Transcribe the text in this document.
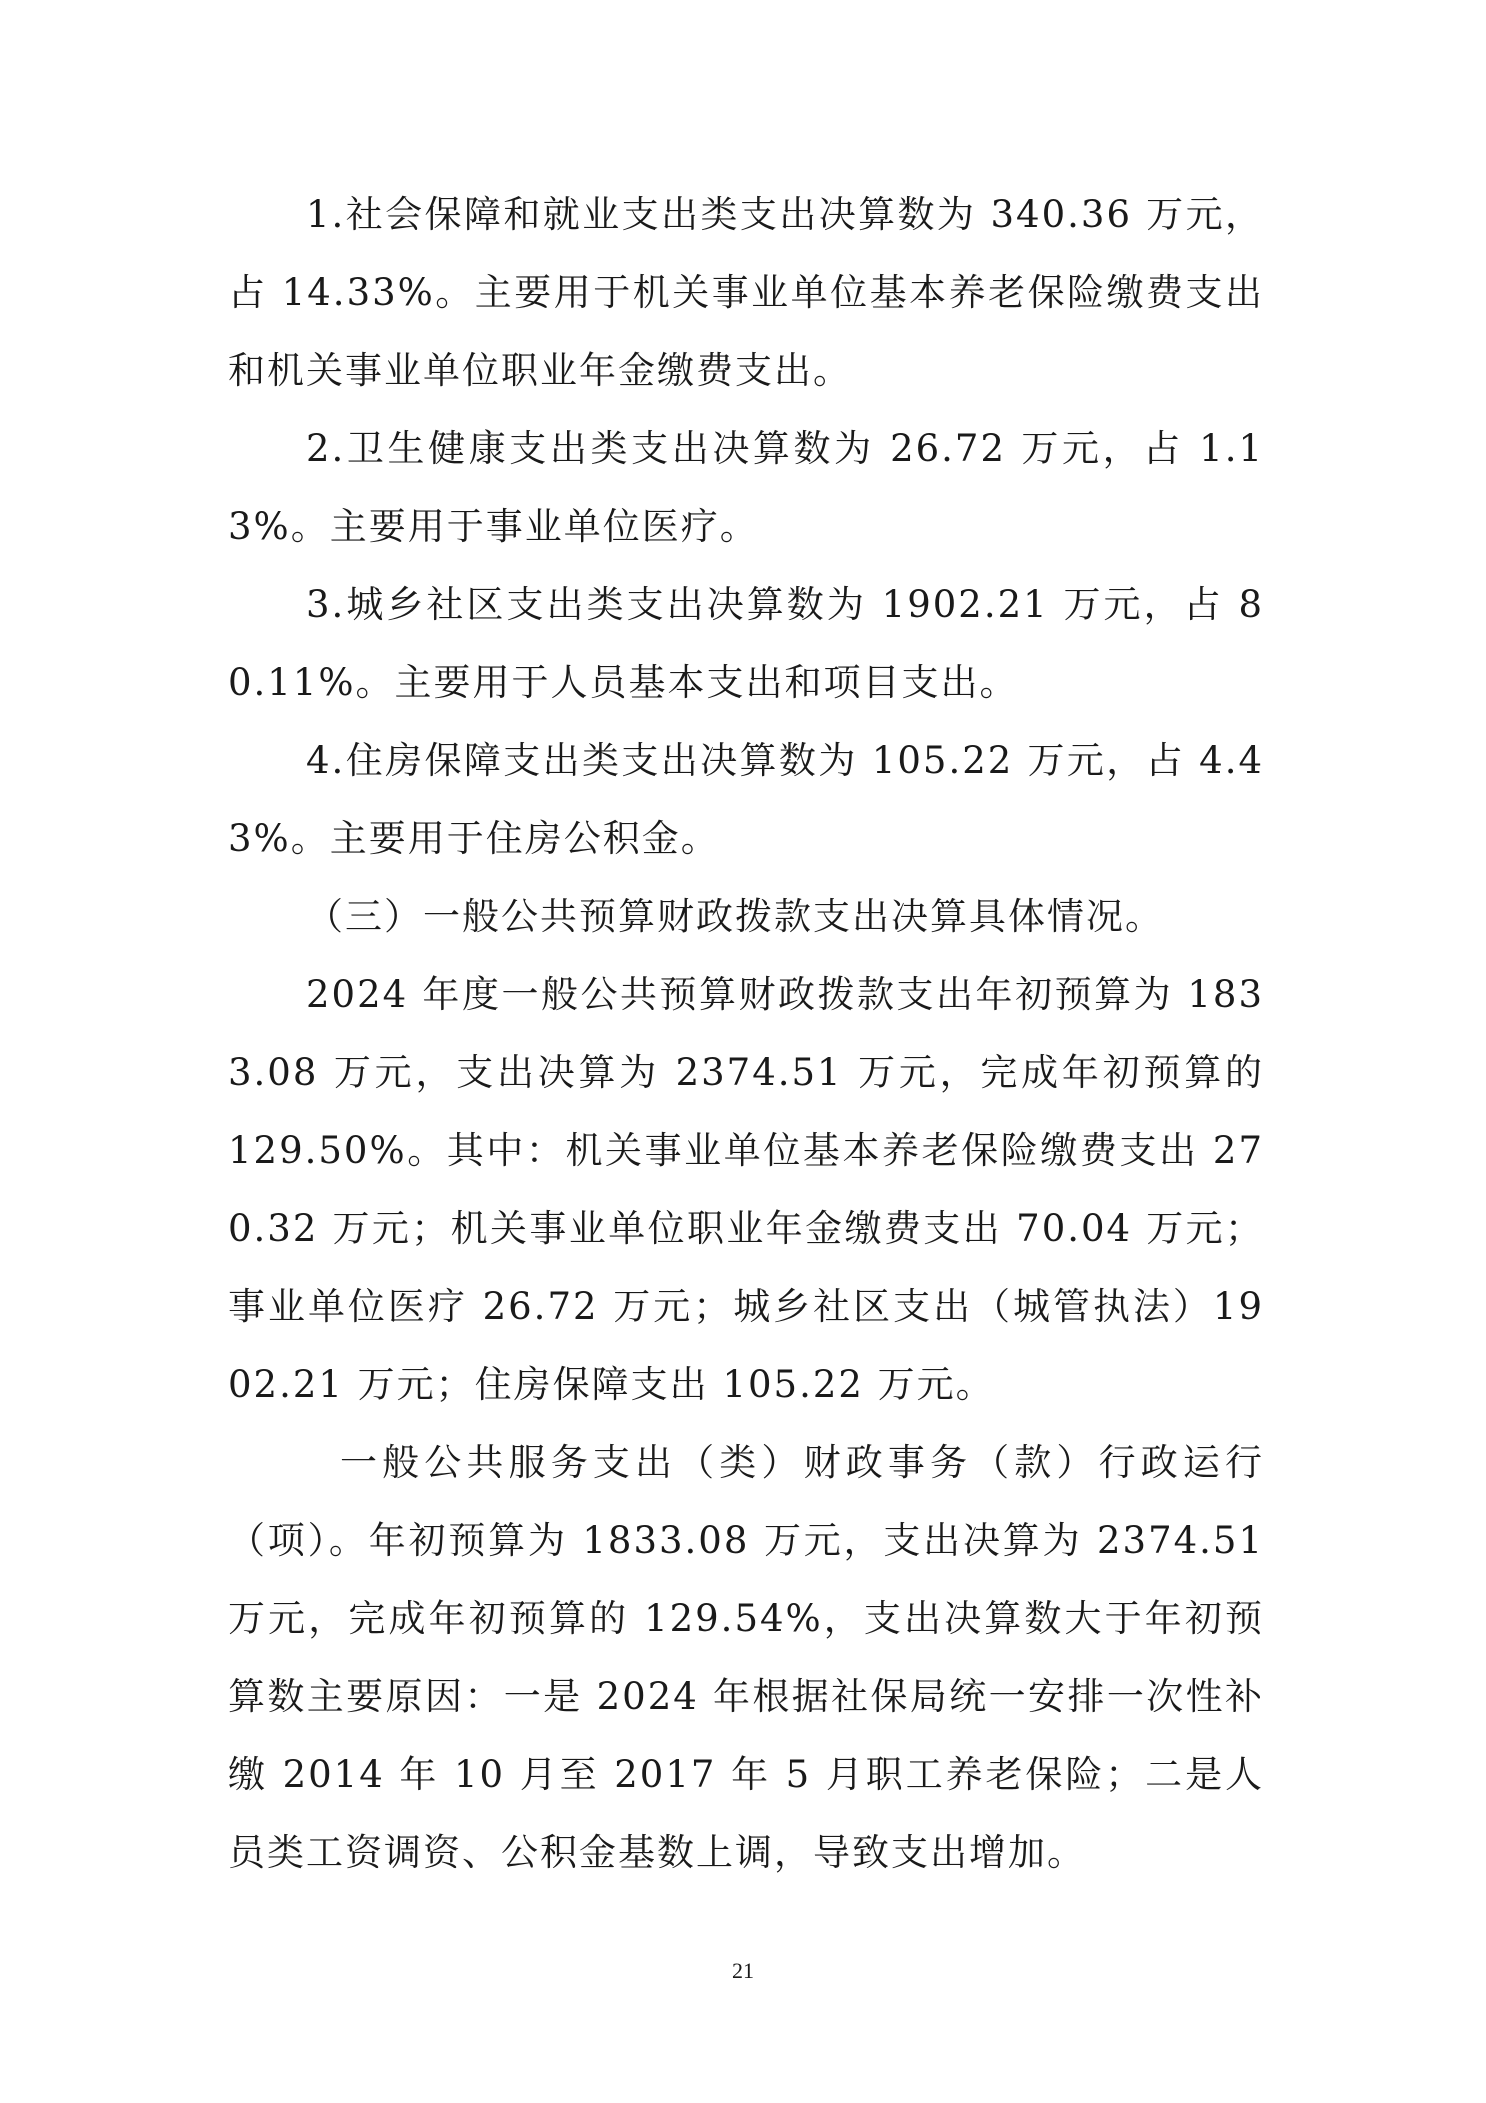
1.社会保障和就业支出类支出决算数为 340.36 万元，占 14.33%。主要用于机关事业单位基本养老保险缴费支出和机关事业单位职业年金缴费支出。

2.卫生健康支出类支出决算数为 26.72 万元，占 1.13%。主要用于事业单位医疗。

3.城乡社区支出类支出决算数为 1902.21 万元，占 80.11%。主要用于人员基本支出和项目支出。

4.住房保障支出类支出决算数为 105.22 万元，占 4.43%。主要用于住房公积金。

（三）一般公共预算财政拨款支出决算具体情况。

2024 年度一般公共预算财政拨款支出年初预算为 1833.08 万元，支出决算为 2374.51 万元，完成年初预算的 129.50%。其中：机关事业单位基本养老保险缴费支出 270.32 万元；机关事业单位职业年金缴费支出 70.04 万元；事业单位医疗 26.72 万元；城乡社区支出（城管执法）1902.21 万元；住房保障支出 105.22 万元。

一般公共服务支出（类）财政事务（款）行政运行（项）。年初预算为 1833.08 万元，支出决算为 2374.51 万元，完成年初预算的 129.54%，支出决算数大于年初预算数主要原因：一是 2024 年根据社保局统一安排一次性补缴 2014 年 10 月至 2017 年 5 月职工养老保险；二是人员类工资调资、公积金基数上调，导致支出增加。

21
